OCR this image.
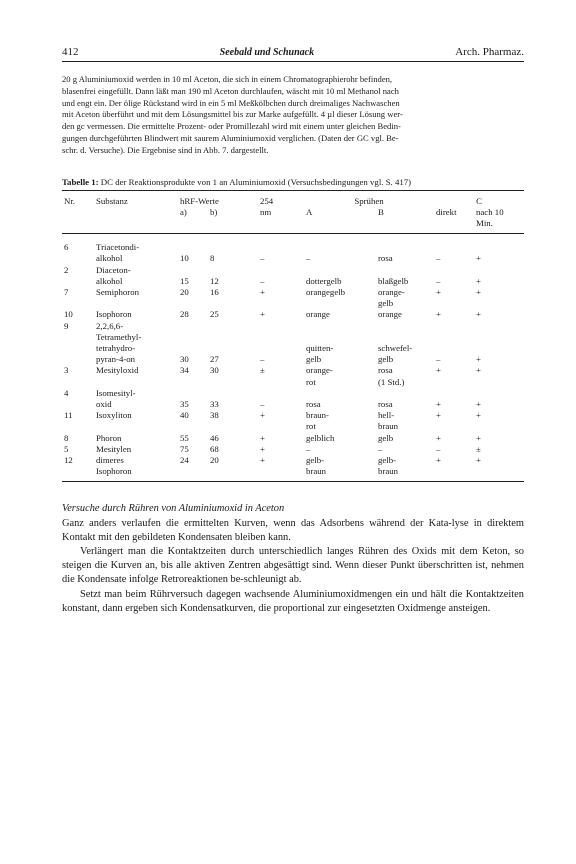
412	Seebald und Schunack	Arch. Pharmaz.
20 g Aluminiumoxid werden in 10 ml Aceton, die sich in einem Chromatographierohr befinden,
blasenfrei eingefüllt. Dann läßt man 190 ml Aceton durchlaufen, wäscht mit 10 ml Methanol nach
und engt ein. Der ölige Rückstand wird in ein 5 ml Meßkölbchen durch dreimaliges Nachwaschen
mit Aceton überführt und mit dem Lösungsmittel bis zur Marke aufgefüllt. 4 µl dieser Lösung wer-
den gc vermessen. Die ermittelte Prozent- oder Promillezahl wird mit einem unter gleichen Bedin-
gungen durchgeführten Blindwert mit saurem Aluminiumoxid verglichen. (Daten der GC vgl. Be-
schr. d. Versuche). Die Ergebnise sind in Abb. 7. dargestellt.
Tabelle 1: DC der Reaktionsprodukte von 1 an Aluminiumoxid (Versuchsbedingungen vgl. S. 417)
Nr.	Substanz	hRF-Werte		254	Sprühen		C	
		a)	b)	nm	A	B	direkt	nach 10 Min.

6	Triacetondi-							
	alkohol	10	8	–	–	rosa	–	+
2	Diaceton-							
	alkohol	15	12	–	dottergelb	blaßgelb	–	+
7	Semiphoron	20	16	+	orangegelb	orange-	+	+
						gelb		
10	Isophoron	28	25	+	orange	orange	+	+
9	2,2,6,6-							
	Tetramethyl-							
	tetrahydro-				quitten-	schwefel-		
	pyran-4-on	30	27	–	gelb	gelb	–	+
3	Mesityloxid	34	30	±	orange-	rosa	+	+
					rot	(1 Std.)		
4	Isomesityl-							
	oxid	35	33	–	rosa	rosa	+	+
11	Isoxyliton	40	38	+	braun-	hell-	+	+
					rot	braun		
8	Phoron	55	46	+	gelblich	gelb	+	+
5	Mesitylen	75	68	+	–	–	–	±
12	dimeres	24	20	+	gelb-	gelb-	+	+
	Isophoron				braun	braun		
Versuche durch Rühren von Aluminiumoxid in Aceton
Ganz anders verlaufen die ermittelten Kurven, wenn das Adsorbens während der Kata-lyse in direktem Kontakt mit den gebildeten Kondensaten bleiben kann.
Verlängert man die Kontaktzeiten durch unterschiedlich langes Rühren des Oxids mit dem Keton, so steigen die Kurven an, bis alle aktiven Zentren abgesättigt sind. Wenn dieser Punkt überschritten ist, nehmen die Kondensate infolge Retroreaktionen be-schleunigt ab.
Setzt man beim Rührversuch dagegen wachsende Aluminiumoxidmengen ein und hält die Kontaktzeiten konstant, dann ergeben sich Kondensatkurven, die proportional zur eingesetzten Oxidmenge ansteigen.
